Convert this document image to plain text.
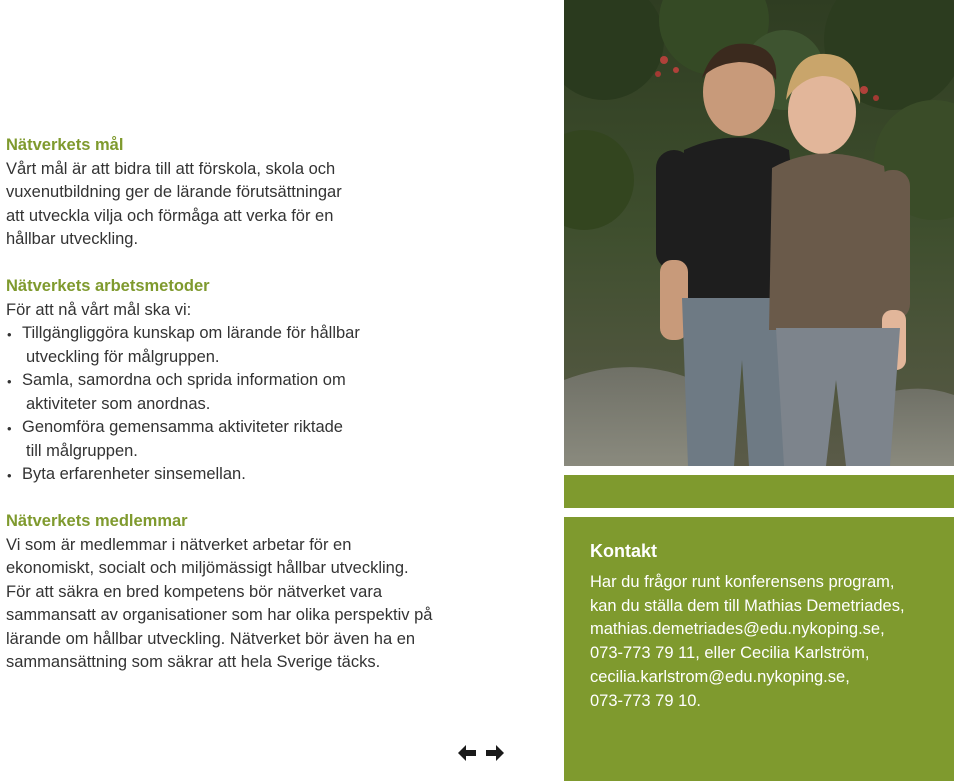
Nätverkets mål

Vårt mål är att bidra till att förskola, skola och

vuxenutbildning ger de lärande förutsättningar

att utveckla vilja och förmåga att verka för en

hållbar utveckling.

Nätverkets arbetsmetoder

För att nå vårt mål ska vi:

• Tillgängliggöra kunskap om lärande för hållbar
utveckling för målgruppen.
• Samla, samordna och sprida information om
aktiviteter som anordnas.
• Genomföra gemensamma aktiviteter riktade
till målgruppen.
• Byta erfarenheter sinsemellan.

Nätverkets medlemmar

Vi som är medlemmar i nätverket arbetar för en

ekonomiskt, socialt och miljömässigt hållbar utveckling.

För att säkra en bred kompetens bör nätverket vara

sammansatt av organisationer som har olika perspektiv på

lärande om hållbar utveckling. Nätverket bör även ha en

sammansättning som säkrar att hela Sverige täcks.

Kontakt

Har du frågor runt konferensens program,

kan du ställa dem till Mathias Demetriades,

mathias.demetriades@edu.nykoping.se,

073-773 79 11, eller Cecilia Karlström,

cecilia.karlstrom@edu.nykoping.se,

073-773 79 10.
